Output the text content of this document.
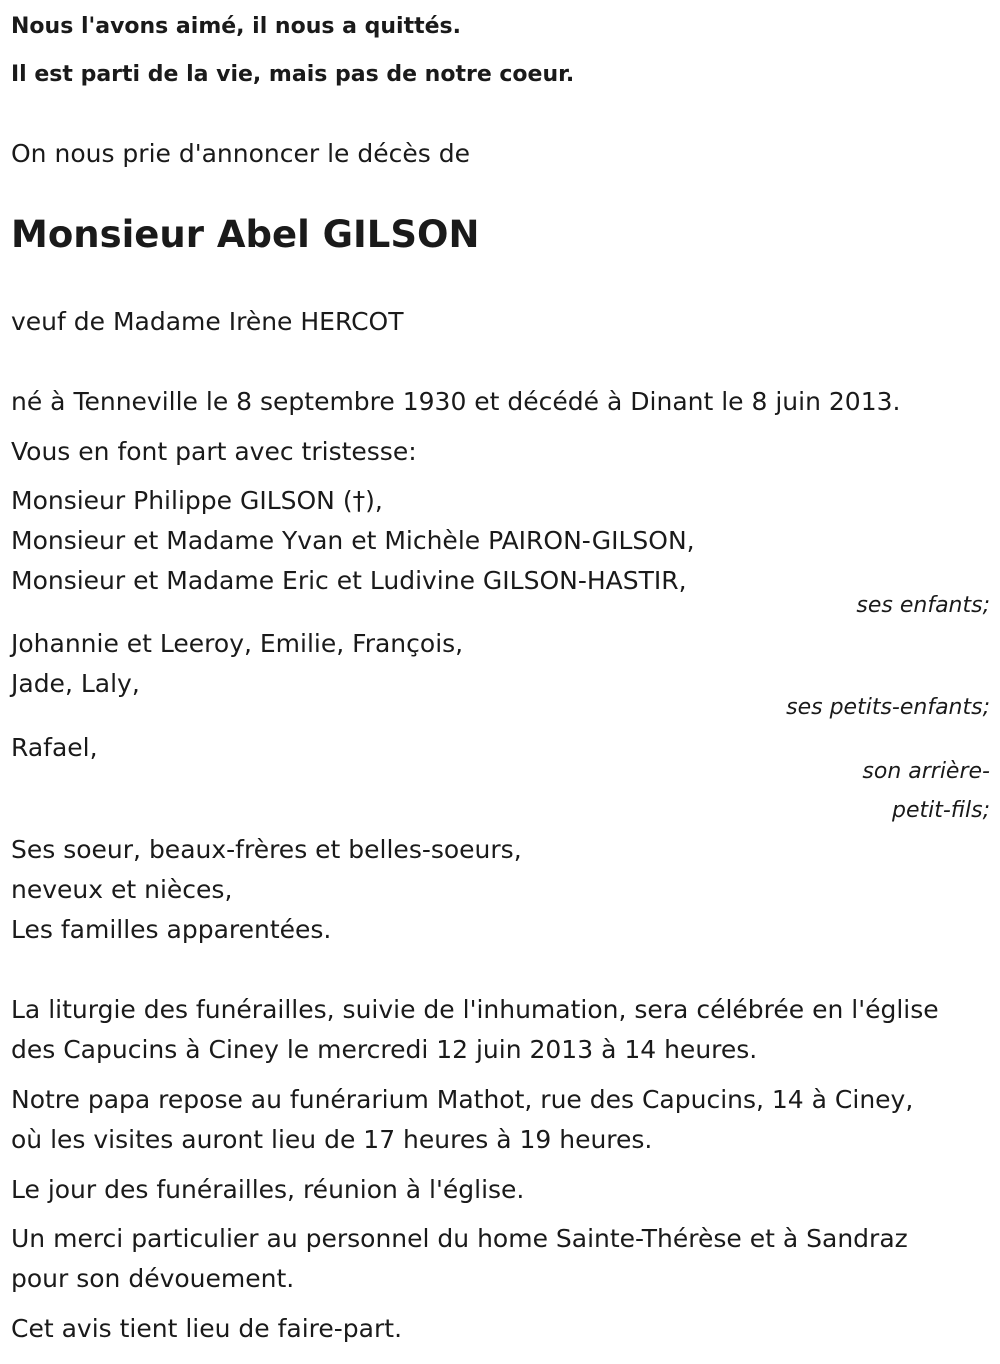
Nous l'avons aimé, il nous a quittés.
Il est parti de la vie, mais pas de notre coeur.
On nous prie d'annoncer le décès de
Monsieur Abel GILSON
veuf de Madame Irène HERCOT
né à Tenneville le 8 septembre 1930 et décédé à Dinant le 8 juin 2013.
Vous en font part avec tristesse:
Monsieur Philippe GILSON (†),
Monsieur et Madame Yvan et Michèle PAIRON-GILSON,
Monsieur et Madame Eric et Ludivine GILSON-HASTIR,
ses enfants;
Johannie et Leeroy, Emilie, François,
Jade, Laly,
ses petits-enfants;
Rafael,
son arrière-
petit-fils;
Ses soeur, beaux-frères et belles-soeurs,
neveux et nièces,
Les familles apparentées.
La liturgie des funérailles, suivie de l'inhumation, sera célébrée en l'église
des Capucins à Ciney le mercredi 12 juin 2013 à 14 heures.
Notre papa repose au funérarium Mathot, rue des Capucins, 14 à Ciney,
où les visites auront lieu de 17 heures à 19 heures.
Le jour des funérailles, réunion à l'église.
Un merci particulier au personnel du home Sainte-Thérèse et à Sandraz
pour son dévouement.
Cet avis tient lieu de faire-part.
